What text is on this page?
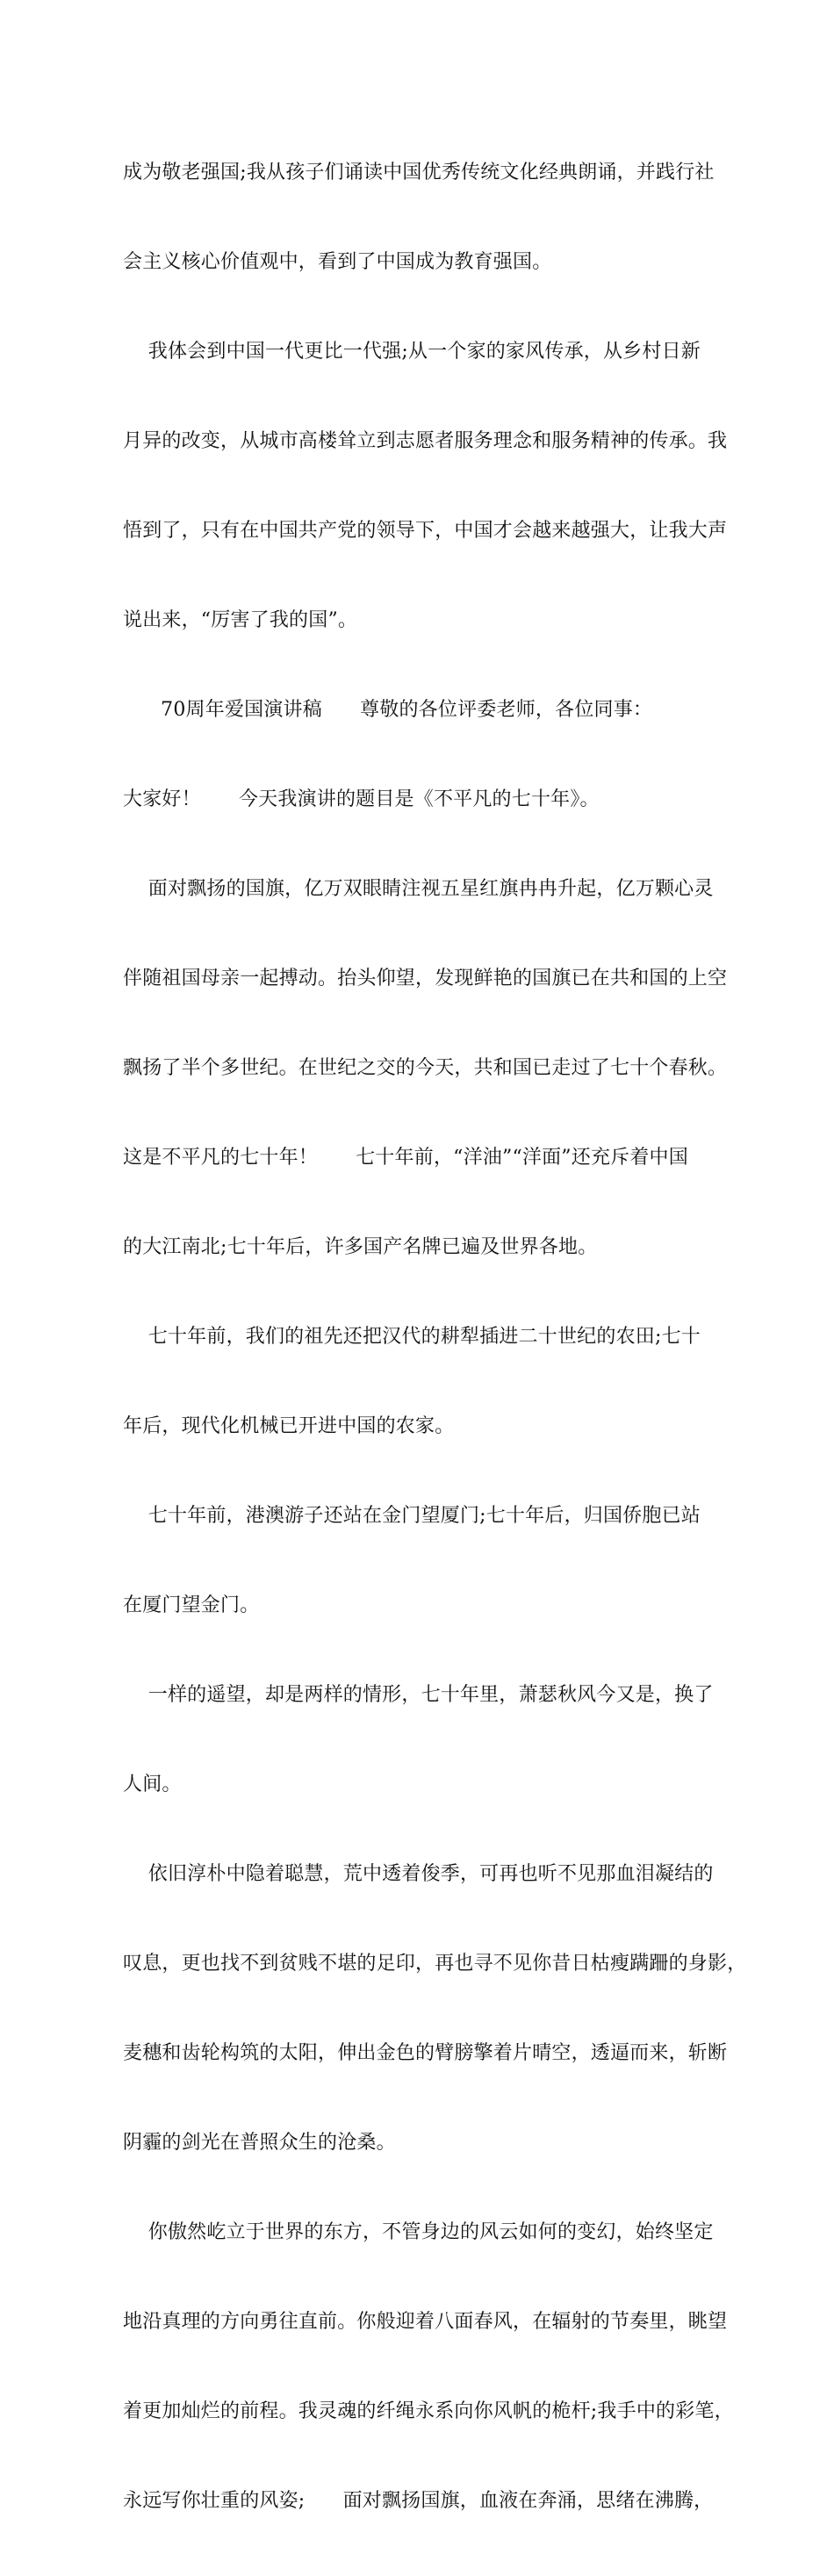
成为敬老强国;我从孩子们诵读中国优秀传统文化经典朗诵，并践行社

会主义核心价值观中，看到了中国成为教育强国。

我体会到中国一代更比一代强;从一个家的家风传承，从乡村日新

月异的改变，从城市高楼耸立到志愿者服务理念和服务精神的传承。我

悟到了，只有在中国共产党的领导下，中国才会越来越强大，让我大声

说出来，“厉害了我的国”。

70周年爱国演讲稿      尊敬的各位评委老师，各位同事：

大家好！      今天我演讲的题目是《不平凡的七十年》。

面对飘扬的国旗，亿万双眼睛注视五星红旗冉冉升起，亿万颗心灵

伴随祖国母亲一起搏动。抬头仰望，发现鲜艳的国旗已在共和国的上空

飘扬了半个多世纪。在世纪之交的今天，共和国已走过了七十个春秋。

这是不平凡的七十年！      七十年前，“洋油”“洋面”还充斥着中国

的大江南北;七十年后，许多国产名牌已遍及世界各地。

七十年前，我们的祖先还把汉代的耕犁插进二十世纪的农田;七十

年后，现代化机械已开进中国的农家。

七十年前，港澳游子还站在金门望厦门;七十年后，归国侨胞已站

在厦门望金门。

一样的遥望，却是两样的情形，七十年里，萧瑟秋风今又是，换了

人间。

依旧淳朴中隐着聪慧，荒中透着俊季，可再也听不见那血泪凝结的

叹息，更也找不到贫贱不堪的足印，再也寻不见你昔日枯瘦蹒跚的身影，

麦穗和齿轮构筑的太阳，伸出金色的臂膀擎着片晴空，透逼而来，斩断

阴霾的剑光在普照众生的沧桑。

你傲然屹立于世界的东方，不管身边的风云如何的变幻，始终坚定

地沿真理的方向勇往直前。你般迎着八面春风，在辐射的节奏里，眺望

着更加灿烂的前程。我灵魂的纤绳永系向你风帆的桅杆;我手中的彩笔，

永远写你壮重的风姿;      面对飘扬国旗，血液在奔涌，思绪在沸腾，
